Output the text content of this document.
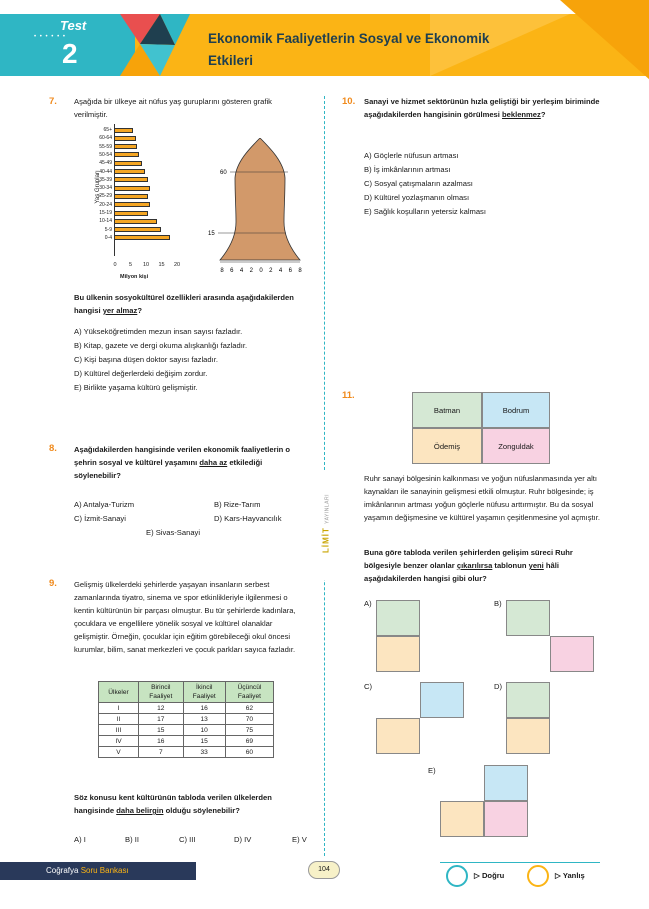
• • • • • •
Test
2	Ekonomik Faaliyetlerin Sosyal ve Ekonomik Etkileri
LİMİT YAYINLARI
7. Aşağıda bir ülkeye ait nüfus yaş guruplarını gösteren grafik verilmiştir.
Yaş Grupları
65+
60-64
55-59
50-54
45-49
40-44
35-39
30-34
25-29
20-24
15-19
10-14
5-9
0-4
0	5	10 15 20
Milyon kişi
60
15
8 6 4 2 0 2 4 6 8
Bu ülkenin sosyokültürel özellikleri arasında aşağıdakilerden hangisi yer almaz?
A) Yükseköğretimden mezun insan sayısı fazladır.
B) Kitap, gazete ve dergi okuma alışkanlığı fazladır.
C) Kişi başına düşen doktor sayısı fazladır.
D) Kültürel değerlerdeki değişim zordur.
E) Birlikte yaşama kültürü gelişmiştir.
8. Aşağıdakilerden hangisinde verilen ekonomik faaliyetlerin o şehrin sosyal ve kültürel yaşamını daha az etkilediği söylenebilir?
A) Antalya-Turizm	B) Rize-Tarım
C) İzmit-Sanayi	D) Kars-Hayvancılık
E) Sivas-Sanayi
9. Gelişmiş ülkelerdeki şehirlerde yaşayan insanların serbest zamanlarında tiyatro, sinema ve spor etkinlikleriyle ilgilenmesi o kentin kültürünün bir parçası olmuştur. Bu tür şehirlerde kadınlara, çocuklara ve engellilere yönelik sosyal ve kültürel olanaklar gelişmiştir. Örneğin, çocuklar için eğitim görebileceği okul öncesi kurumlar, bilim, sanat merkezleri ve çocuk parkları sayıca fazladır.
Ülkeler	Birincil Faaliyet	İkincil Faaliyet	Üçüncül Faaliyet
I	12	16	62
II	17	13	70
III	15	10	75
IV	16	15	69
V	7	33	60
Söz konusu kent kültürünün tabloda verilen ülkelerden hangisinde daha belirgin olduğu söylenebilir?
A) I	B) II	C) III	D) IV	E) V
10. Sanayi ve hizmet sektörünün hızla geliştiği bir yerleşim biriminde aşağıdakilerden hangisinin görülmesi beklenmez?
A) Göçlerle nüfusun artması
B) İş imkânlarının artması
C) Sosyal çatışmaların azalması
D) Kültürel yozlaşmanın olması
E) Sağlık koşulların yetersiz kalması
11.
Batman	Bodrum
Ödemiş	Zonguldak
Ruhr sanayi bölgesinin kalkınması ve yoğun nüfuslanmasında yer altı kaynakları ile sanayinin gelişmesi etkili olmuştur. Ruhr bölgesinde; iş imkânlarının artması yoğun göçlerle nüfusu arttırmıştır. Bu da sosyal yaşamın değişmesine ve kültürel yaşamın çeşitlenmesine yol açmıştır.
Buna göre tabloda verilen şehirlerden gelişim süreci Ruhr bölgesiyle benzer olanlar çıkarılırsa tablonun yeni hâli aşağıdakilerden hangisi gibi olur?
A)	B)
C)	D)
E)
Coğrafya Soru Bankası	104
▷ Doğru	▷ Yanlış
